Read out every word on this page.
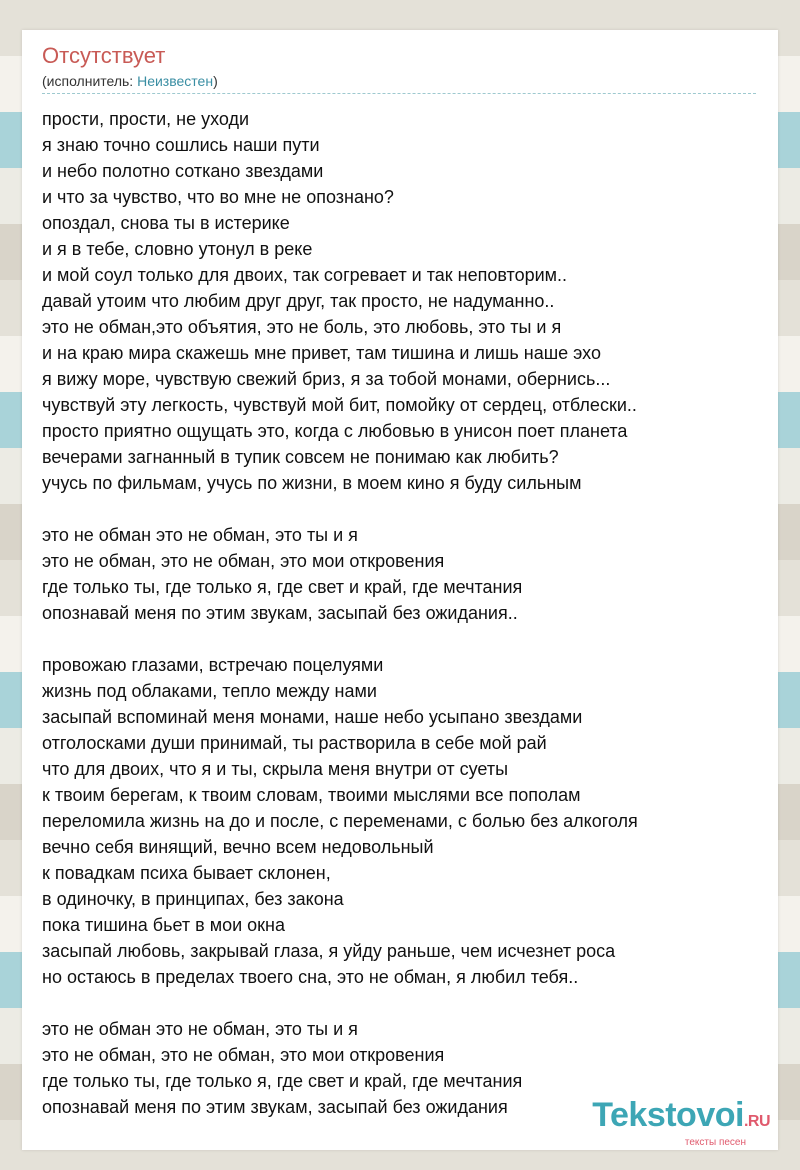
Отсутствует
(исполнитель: Неизвестен)
прости, прости, не уходи
я знаю точно сошлись наши пути
и небо полотно соткано звездами
и что за чувство, что во мне не опознано?
опоздал, снова ты в истерике
и я в тебе, словно утонул в реке
и мой соул только для двоих, так согревает и так неповторим..
давай утоим что любим друг друг, так просто, не надуманно..
это не обман,это объятия, это не боль, это любовь, это ты и я
и на краю мира скажешь мне привет, там тишина и лишь наше эхо
я вижу море, чувствую свежий бриз, я за тобой монами, обернись...
чувствуй эту легкость, чувствуй мой бит, помойку от сердец, отблески..
просто приятно ощущать это, когда с любовью в унисон поет планета
вечерами загнанный в тупик совсем не понимаю как любить?
учусь по фильмам, учусь по жизни, в моем кино я буду сильным
это не обман это не обман, это ты и я
это не обман, это не обман, это мои откровения
где только ты, где только я, где свет и край, где мечтания
опознавай меня по этим звукам, засыпай без ожидания..
провожаю глазами, встречаю поцелуями
жизнь под облаками, тепло между нами
засыпай вспоминай меня монами, наше небо усыпано звездами
отголосками души принимай, ты растворила в себе мой рай
что для двоих, что я и ты, скрыла меня внутри от суеты
к твоим берегам, к твоим словам, твоими мыслями все пополам
переломила жизнь на до и после, с переменами, с болью без алкоголя
вечно себя винящий, вечно всем недовольный
к повадкам психа бывает склонен,
в одиночку, в принципах, без закона
пока тишина бьет в мои окна
засыпай любовь, закрывай глаза, я уйду раньше, чем исчезнет роса
но остаюсь в пределах твоего сна, это не обман, я любил тебя..
это не обман это не обман, это ты и я
это не обман, это не обман, это мои откровения
где только ты, где только я, где свет и край, где мечтания
опознавай меня по этим звукам, засыпай без ожидания	Tekstovoi.RU
тексты песен
